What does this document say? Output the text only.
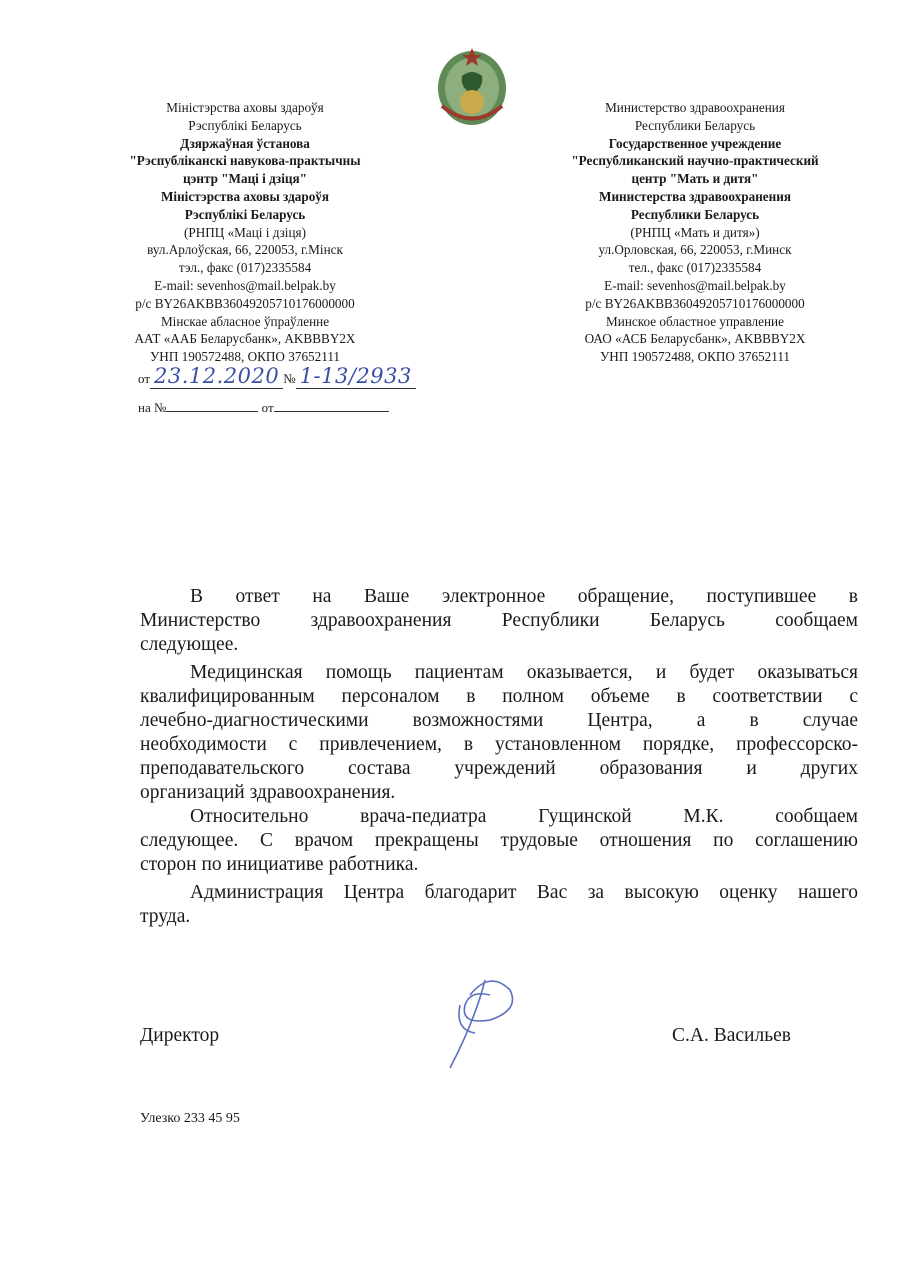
Міністэрства аховы здароўя
Рэспублікі Беларусь
Дзяржаўная ўстанова
"Рэспубліканскі навукова-практычны
цэнтр "Маці і дзіця"
Міністэрства аховы здароўя
Рэспублікі Беларусь
(РНПЦ «Маці і дзіця)
вул.Арлоўская, 66, 220053, г.Мінск
тэл., факс (017)2335584
E-mail: sevenhos@mail.belpak.by
р/с BY26AKBB36049205710176000000
Мінскае абласное ўпраўленне
ААТ «ААБ Беларусбанк», AKBBBY2X
УНП 190572488, ОКПО 37652111
Министерство здравоохранения
Республики Беларусь
Государственное учреждение
"Республиканский научно-практический
центр "Мать и дитя"
Министерства здравоохранения
Республики Беларусь
(РНПЦ «Мать и дитя»)
ул.Орловская, 66, 220053, г.Минск
тел., факс (017)2335584
E-mail: sevenhos@mail.belpak.by
р/с BY26AKBB36049205710176000000
Минское областное управление
ОАО «АСБ Беларусбанк», AKBBBY2X
УНП 190572488, ОКПО 37652111
от 23.12.2020 № 1-13/2933
на №	от
В ответ на Ваше электронное обращение, поступившее в
Министерство здравоохранения Республики Беларусь сообщаем
следующее.
Медицинская помощь пациентам оказывается, и будет оказываться
квалифицированным персоналом в полном объеме в соответствии с
лечебно-диагностическими возможностями Центра, а в случае
необходимости с привлечением, в установленном порядке, профессорско-
преподавательского состава учреждений образования и других
организаций здравоохранения.
Относительно врача-педиатра Гущинской М.К. сообщаем
следующее. С врачом прекращены трудовые отношения по соглашению
сторон по инициативе работника.
Администрация Центра благодарит Вас за высокую оценку нашего
труда.
Директор	С.А. Васильев
Улезко 233 45 95
